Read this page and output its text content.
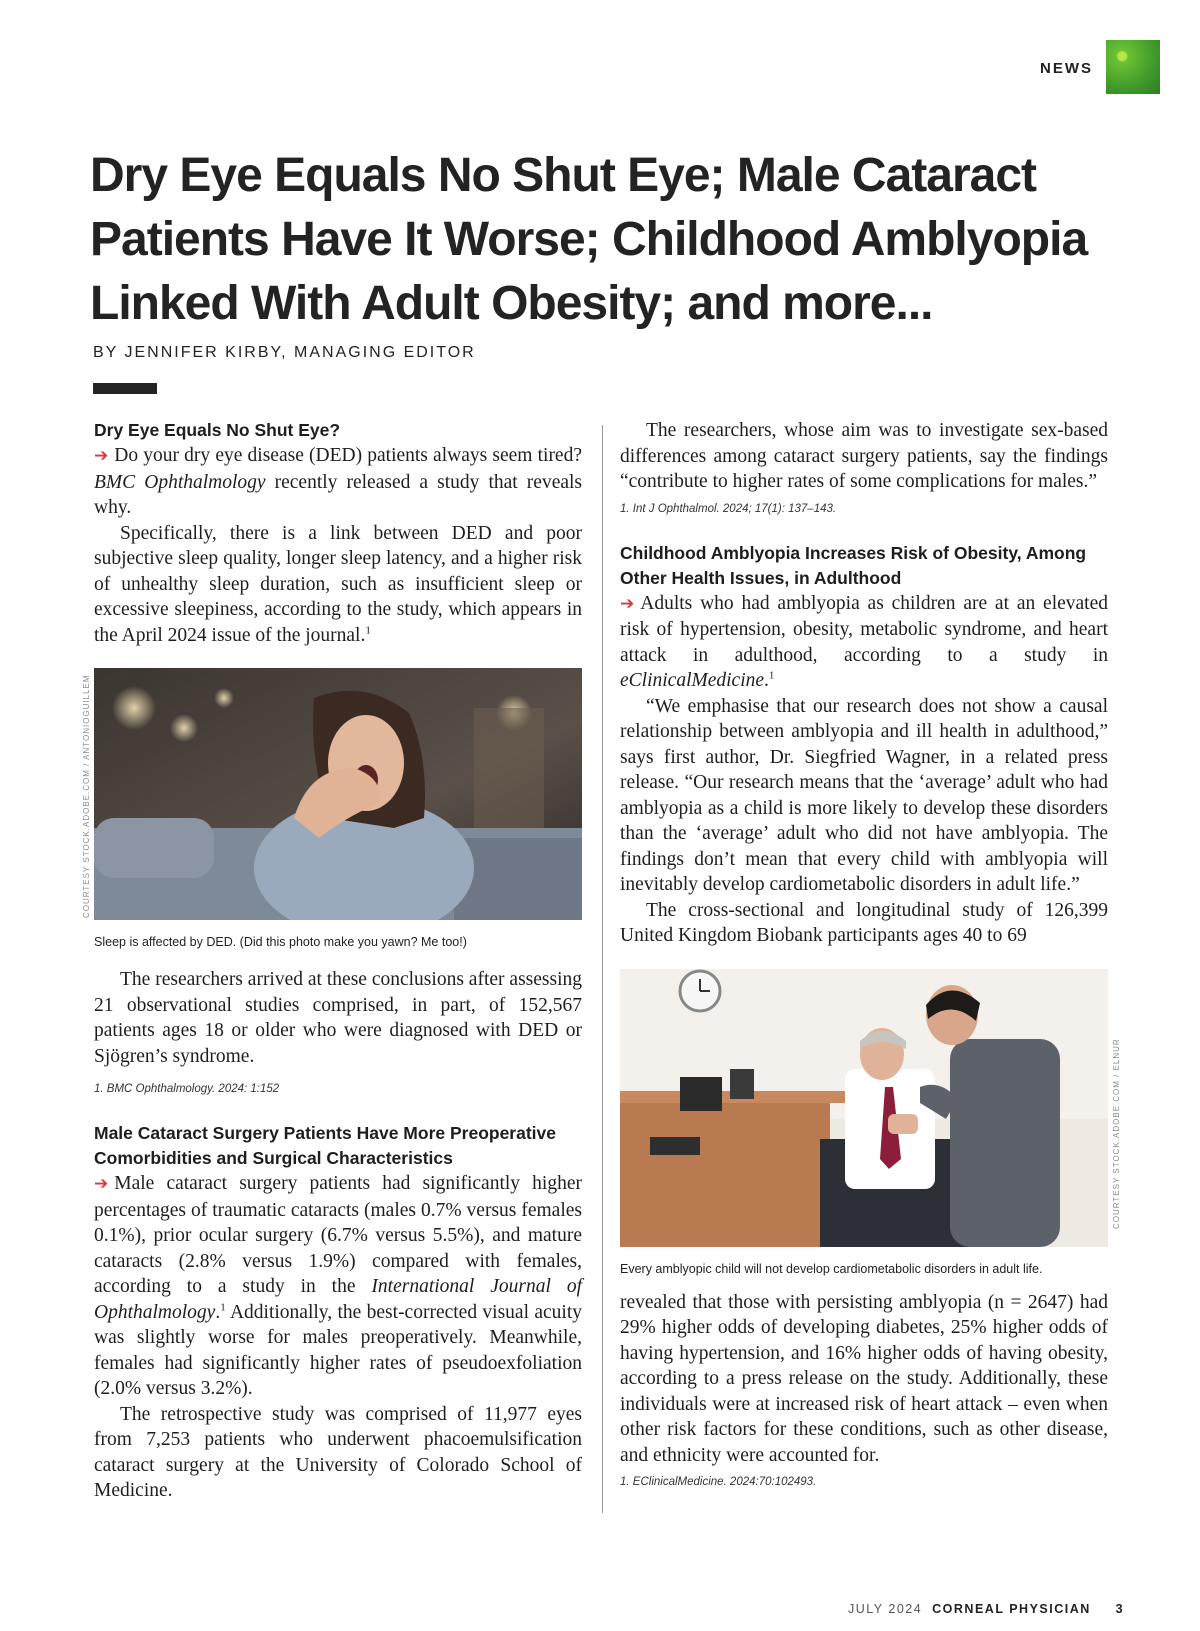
NEWS
Dry Eye Equals No Shut Eye; Male Cataract Patients Have It Worse; Childhood Amblyopia Linked With Adult Obesity; and more...
BY JENNIFER KIRBY, MANAGING EDITOR
Dry Eye Equals No Shut Eye?

➔ Do your dry eye disease (DED) patients always seem tired? BMC Ophthalmology recently released a study that reveals why.

Specifically, there is a link between DED and poor subjective sleep quality, longer sleep latency, and a higher risk of unhealthy sleep duration, such as insufficient sleep or excessive sleepiness, according to the study, which appears in the April 2024 issue of the journal.$^1$

COURTESY STOCK.ADOBE.COM / ANTONIOGUILLEM
Sleep is affected by DED. (Did this photo make you yawn? Me too!)

The researchers arrived at these conclusions after assessing 21 observational studies comprised, in part, of 152,567 patients ages 18 or older who were diagnosed with DED or Sjögren’s syndrome.

1. BMC Ophthalmology. 2024: 1:152
Male Cataract Surgery Patients Have More Preoperative Comorbidities and Surgical Characteristics

➔ Male cataract surgery patients had significantly higher percentages of traumatic cataracts (males 0.7% versus females 0.1%), prior ocular surgery (6.7% versus 5.5%), and mature cataracts (2.8% versus 1.9%) compared with females, according to a study in the International Journal of Ophthalmology.$^1$ Additionally, the best-corrected visual acuity was slightly worse for males preoperatively. Meanwhile, females had significantly higher rates of pseudoexfoliation (2.0% versus 3.2%).

The retrospective study was comprised of 11,977 eyes from 7,253 patients who underwent phacoemulsification cataract surgery at the University of Colorado School of Medicine.

The researchers, whose aim was to investigate sex-based differences among cataract surgery patients, say the findings “contribute to higher rates of some complications for males.”

1. Int J Ophthalmol. 2024; 17(1): 137–143.
Childhood Amblyopia Increases Risk of Obesity, Among Other Health Issues, in Adulthood

➔ Adults who had amblyopia as children are at an elevated risk of hypertension, obesity, metabolic syndrome, and heart attack in adulthood, according to a study in eClinicalMedicine.$^1$

“We emphasise that our research does not show a causal relationship between amblyopia and ill health in adulthood,” says first author, Dr. Siegfried Wagner, in a related press release. “Our research means that the ‘average’ adult who had amblyopia as a child is more likely to develop these disorders than the ‘average’ adult who did not have amblyopia. The findings don’t mean that every child with amblyopia will inevitably develop cardiometabolic disorders in adult life.”

The cross-sectional and longitudinal study of 126,399 United Kingdom Biobank participants ages 40 to 69

COURTESY STOCK.ADOBE.COM / ELNUR
Every amblyopic child will not develop cardiometabolic disorders in adult life.

revealed that those with persisting amblyopia (n = 2647) had 29% higher odds of developing diabetes, 25% higher odds of having hypertension, and 16% higher odds of having obesity, according to a press release on the study. Additionally, these individuals were at increased risk of heart attack – even when other risk factors for these conditions, such as other disease, and ethnicity were accounted for.

1. EClinicalMedicine. 2024:70:102493.
JULY 2024 CORNEAL PHYSICIAN 3
